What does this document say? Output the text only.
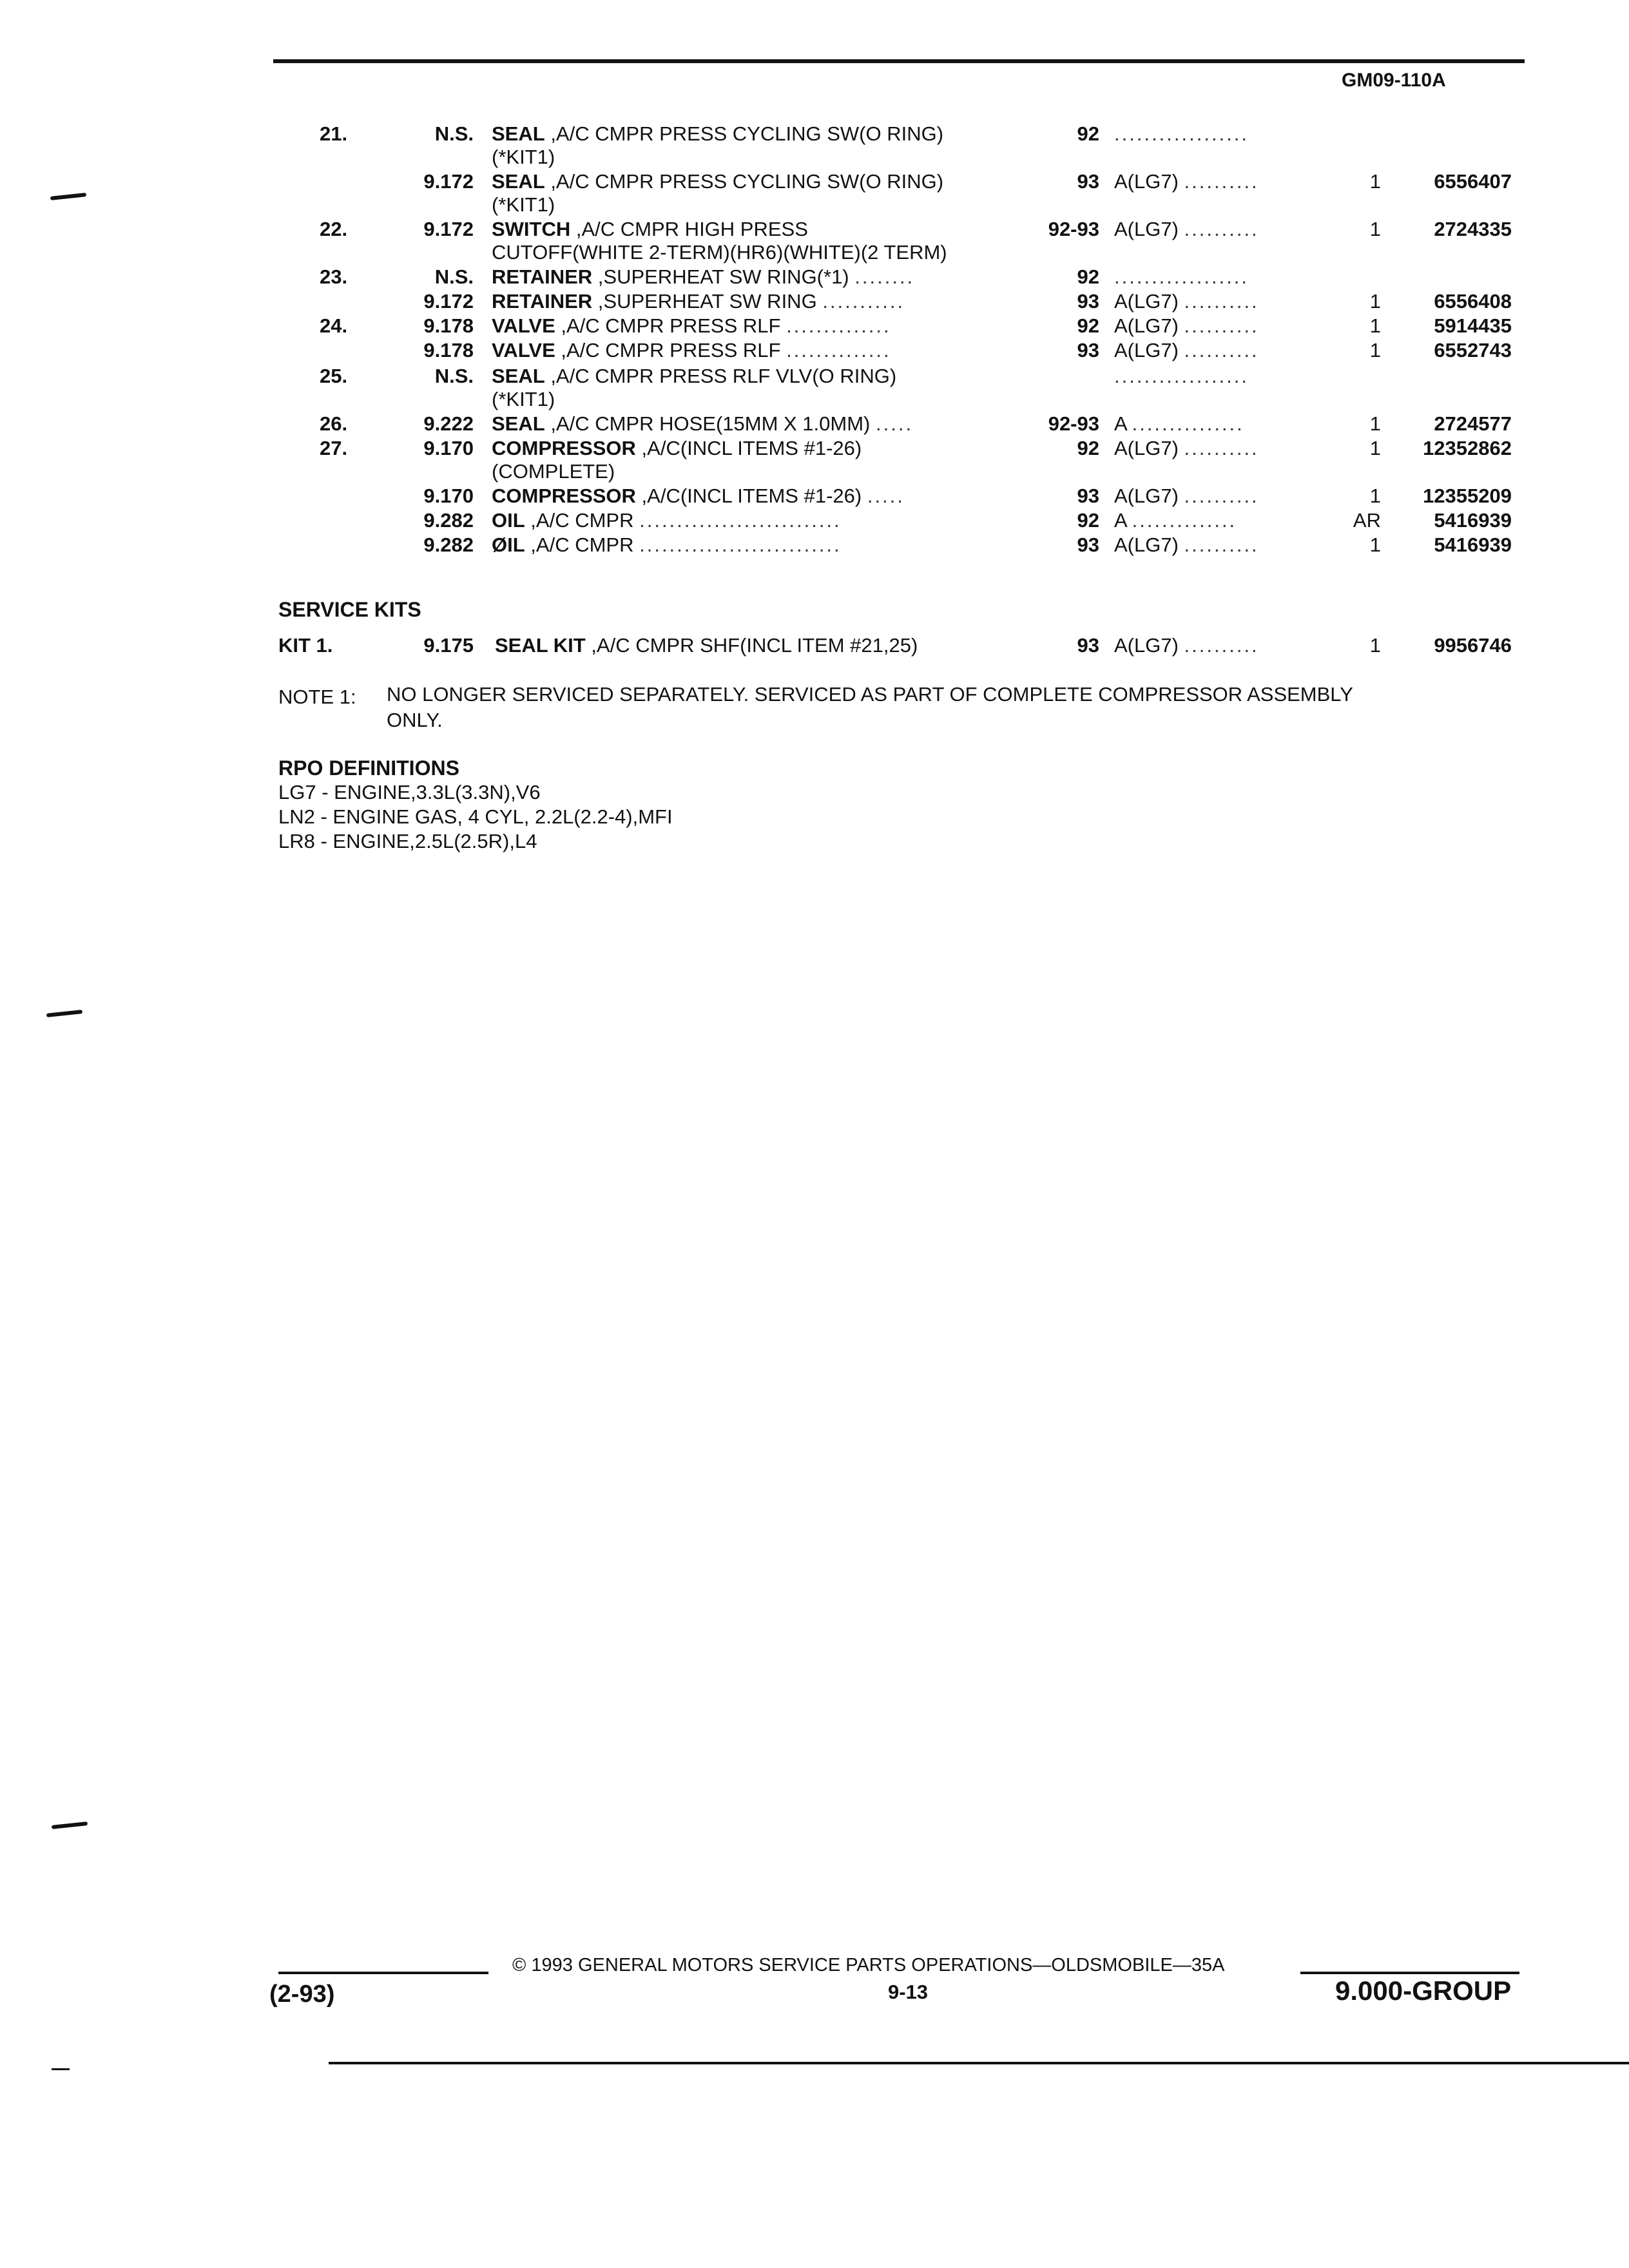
GM09-110A
21.	N.S. SEAL ,A/C CMPR PRESS CYCLING SW(O RING)
(*KIT1)
92 ..................
9.172 SEAL ,A/C CMPR PRESS CYCLING SW(O RING)
(*KIT1)
93 A(LG7) ..........	1	6556407
22.	9.172 SWITCH ,A/C CMPR HIGH PRESS
CUTOFF(WHITE 2-TERM)(HR6)(WHITE)(2 TERM)
92-93 A(LG7) ..........	1	2724335
23.	N.S. RETAINER ,SUPERHEAT SW RING(*1) ........	92 ..................
9.172 RETAINER ,SUPERHEAT SW RING ...........	93 A(LG7) ..........	1	6556408
24.	9.178 VALVE ,A/C CMPR PRESS RLF ..............	92 A(LG7) ..........	1	5914435
9.178 VALVE ,A/C CMPR PRESS RLF ..............	93 A(LG7) ..........	1	6552743
25.	N.S. SEAL ,A/C CMPR PRESS RLF VLV(O RING)
(*KIT1)
..................
26.	9.222 SEAL ,A/C CMPR HOSE(15MM X 1.0MM) .....	92-93 A ...............	1	2724577
27.	9.170 COMPRESSOR ,A/C(INCL ITEMS #1-26)
(COMPLETE)
92 A(LG7) ..........	1 12352862
9.170 COMPRESSOR ,A/C(INCL ITEMS #1-26) .....	93 A(LG7) ..........	1 12355209
9.282 OIL ,A/C CMPR ...........................	92 A ..............	AR	5416939
9.282 ØIL ,A/C CMPR ...........................	93 A(LG7) ..........	1	5416939
SERVICE KITS
KIT 1.	9.175 SEAL KIT ,A/C CMPR SHF(INCL ITEM #21,25)	93 A(LG7) ..........	1	9956746
NOTE 1: NO LONGER SERVICED SEPARATELY. SERVICED AS PART OF COMPLETE COMPRESSOR ASSEMBLY
ONLY.
RPO DEFINITIONS
LG7 - ENGINE,3.3L(3.3N),V6
LN2 - ENGINE GAS, 4 CYL, 2.2L(2.2-4),MFI
LR8 - ENGINE,2.5L(2.5R),L4
© 1993 GENERAL MOTORS SERVICE PARTS OPERATIONS—OLDSMOBILE—35A
(2-93)	9-13	9.000-GROUP
